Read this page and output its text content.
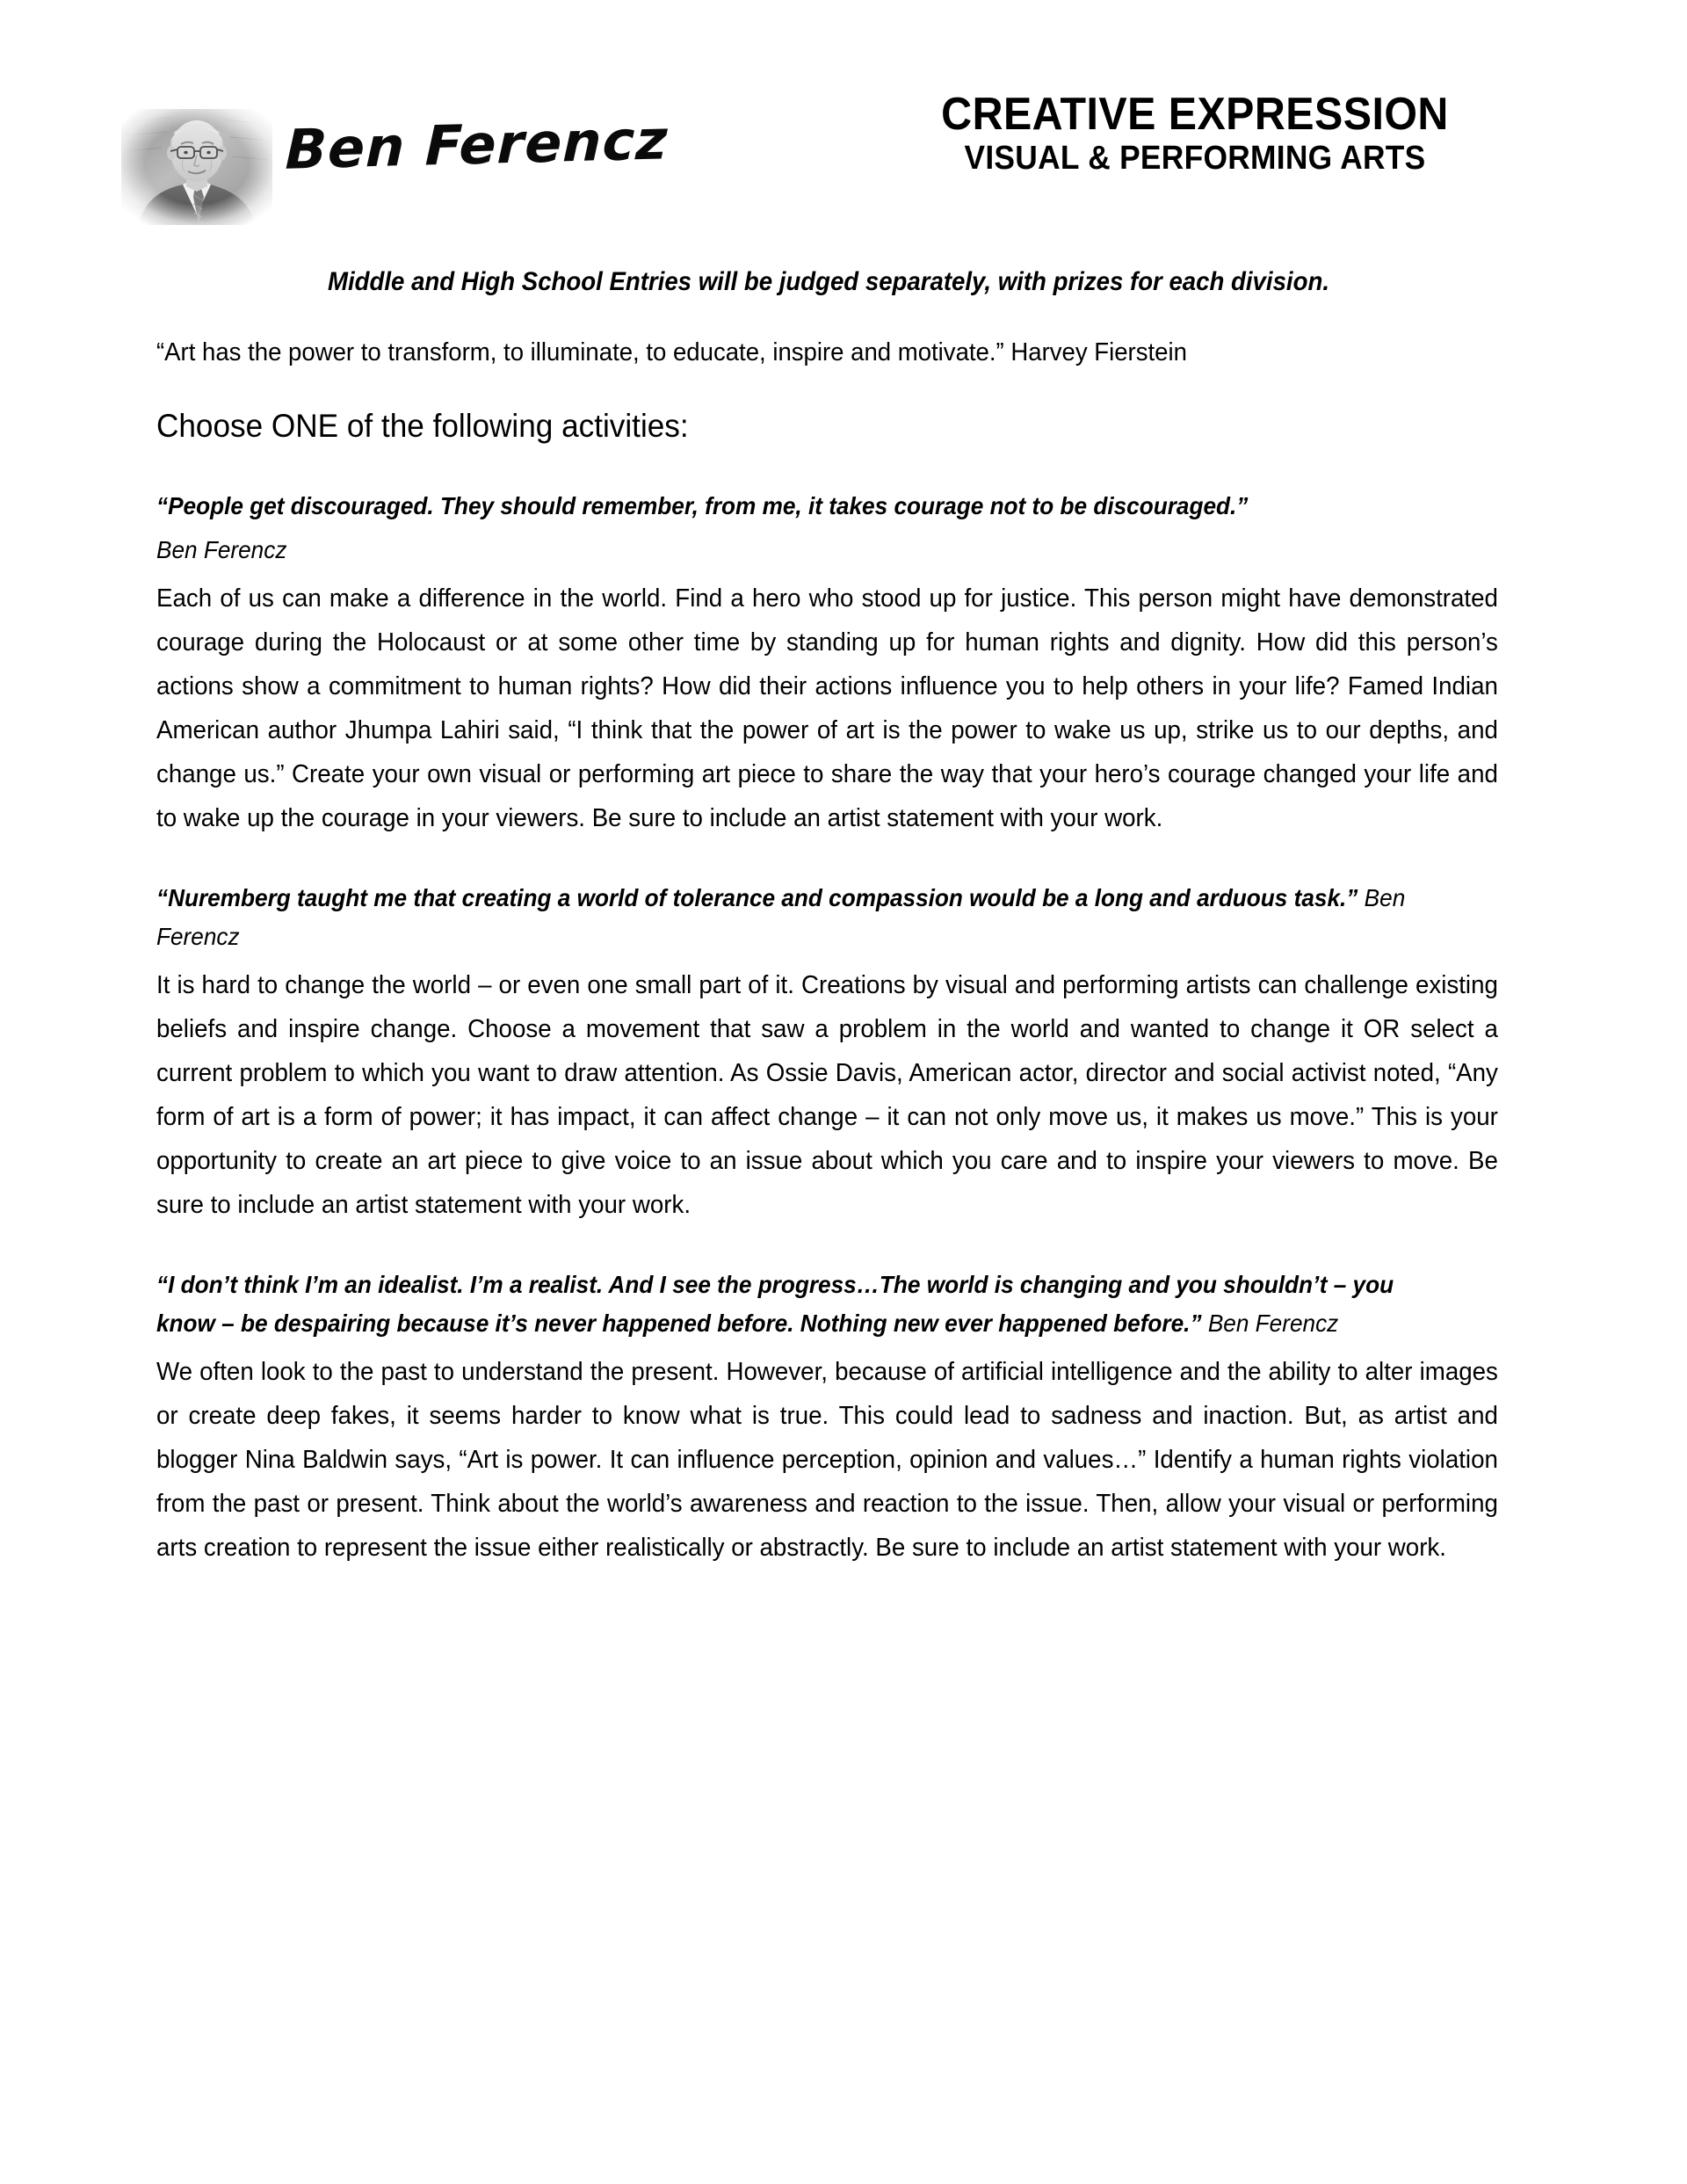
Ben Ferencz	CREATIVE EXPRESSION
VISUAL & PERFORMING ARTS

Middle and High School Entries will be judged separately, with prizes for each division.

“Art has the power to transform, to illuminate, to educate, inspire and motivate.” Harvey Fierstein

Choose ONE of the following activities:

“People get discouraged. They should remember, from me, it takes courage not to be discouraged.”

Ben Ferencz

Each of us can make a difference in the world. Find a hero who stood up for justice. This person might have demonstrated courage during the Holocaust or at some other time by standing up for human rights and dignity. How did this person’s actions show a commitment to human rights? How did their actions influence you to help others in your life? Famed Indian American author Jhumpa Lahiri said, “I think that the power of art is the power to wake us up, strike us to our depths, and change us.” Create your own visual or performing art piece to share the way that your hero’s courage changed your life and to wake up the courage in your viewers. Be sure to include an artist statement with your work.

“Nuremberg taught me that creating a world of tolerance and compassion would be a long and arduous task.” Ben Ferencz

It is hard to change the world – or even one small part of it. Creations by visual and performing artists can challenge existing beliefs and inspire change. Choose a movement that saw a problem in the world and wanted to change it OR select a current problem to which you want to draw attention. As Ossie Davis, American actor, director and social activist noted, “Any form of art is a form of power; it has impact, it can affect change – it can not only move us, it makes us move.” This is your opportunity to create an art piece to give voice to an issue about which you care and to inspire your viewers to move. Be sure to include an artist statement with your work.

“I don’t think I’m an idealist. I’m a realist. And I see the progress…The world is changing and you shouldn’t – you know – be despairing because it’s never happened before. Nothing new ever happened before.” Ben Ferencz

We often look to the past to understand the present. However, because of artificial intelligence and the ability to alter images or create deep fakes, it seems harder to know what is true. This could lead to sadness and inaction. But, as artist and blogger Nina Baldwin says, “Art is power. It can influence perception, opinion and values…” Identify a human rights violation from the past or present. Think about the world’s awareness and reaction to the issue. Then, allow your visual or performing arts creation to represent the issue either realistically or abstractly. Be sure to include an artist statement with your work.
